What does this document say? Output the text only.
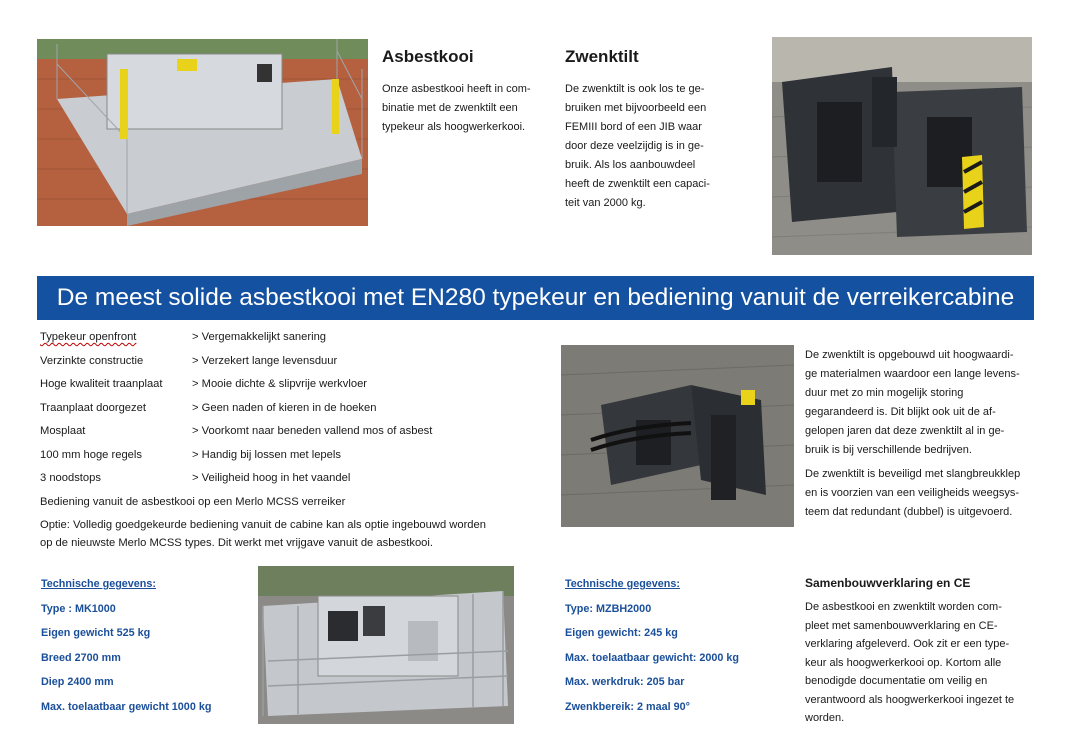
Asbestkooi
Onze asbestkooi heeft in com-
binatie met de zwenktilt een
typekeur als hoogwerkerkooi.
Zwenktilt
De zwenktilt is ook los te ge-
bruiken met bijvoorbeeld een
FEMIII bord of een JIB waar
door deze veelzijdig is in ge-
bruik. Als los aanbouwdeel
heeft de zwenktilt een capaci-
teit van 2000 kg.
De meest solide asbestkooi met EN280 typekeur en bediening vanuit de verreikercabine
Typekeur openfront	> Vergemakkelijkt sanering
Verzinkte constructie	> Verzekert lange levensduur
Hoge kwaliteit traanplaat	> Mooie dichte & slipvrije werkvloer
Traanplaat doorgezet	> Geen naden of kieren in de hoeken
Mosplaat	> Voorkomt naar beneden vallend mos of asbest
100 mm hoge regels	> Handig bij lossen met lepels
3 noodstops	> Veiligheid hoog in het vaandel
Bediening vanuit de asbestkooi op een Merlo MCSS verreiker
Optie: Volledig goedgekeurde bediening vanuit de cabine kan als optie ingebouwd worden
op de nieuwste Merlo MCSS types. Dit werkt met vrijgave vanuit de asbestkooi.
De zwenktilt is opgebouwd uit hoogwaardi-
ge materialmen waardoor een lange levens-
duur met zo min mogelijk storing
gegarandeerd is. Dit blijkt ook uit de af-
gelopen jaren dat deze zwenktilt al in ge-
bruik is bij verschillende bedrijven.
De zwenktilt is beveiligd met slangbreukklep
en is voorzien van een veiligheids weegsys-
teem dat redundant (dubbel) is uitgevoerd.
Technische gegevens:
Type : MK1000
Eigen gewicht 525 kg
Breed 2700 mm
Diep 2400 mm
Max. toelaatbaar gewicht 1000 kg
Technische gegevens:
Type: MZBH2000
Eigen gewicht: 245 kg
Max. toelaatbaar gewicht: 2000 kg
Max. werkdruk: 205 bar
Zwenkbereik: 2 maal 90°
Samenbouwverklaring en CE
De asbestkooi en zwenktilt worden com-
pleet met samenbouwverklaring en CE-
verklaring afgeleverd. Ook zit er een type-
keur als hoogwerkerkooi op. Kortom alle
benodigde documentatie om veilig en
verantwoord als hoogwerkerkooi ingezet te
worden.
